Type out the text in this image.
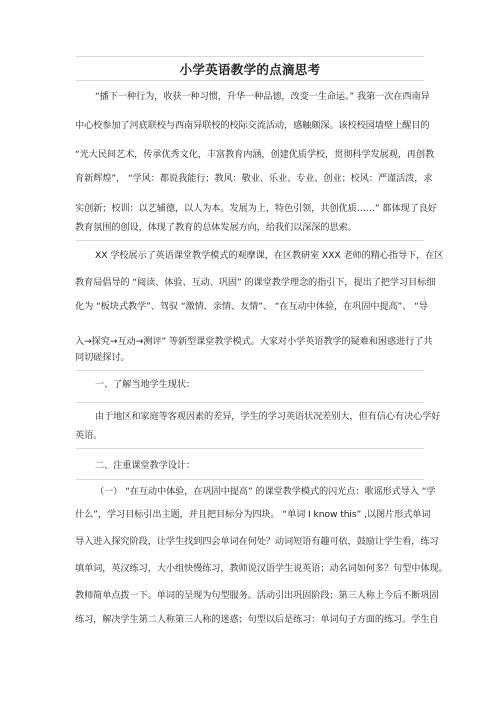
小学英语教学的点滴思考
“播下一种行为，收获一种习惯，升华一种品德，改变一生命运。” 我第一次在西南异
中心校参加了河底联校与西南异联校的校际交流活动，感触颇深。该校校园墙壁上醒目的
“光大民间艺术，传承优秀文化，丰富教育内涵，创建优质学校，贯彻科学发展观，再创教
育新辉煌”， “学风：都说我能行；教风：敬业、乐业、专业、创业；校风：严谨活泼，求
实创新；校训：以艺辅德，以人为本。发展为上，特色引领，共创优质……” 都体现了良好
教育氛围的创设，体现了教育的总体发展方向，给我们以深深的思索。
XX 学校展示了英语课堂教学模式的观摩课，在区教研室 XXX 老师的精心指导下，在区
教育局倡导的 “阅读、体验、互动、巩固” 的课堂教学理念的指引下，提出了把学习目标细
化为 “板块式教学”、驾驭 “激情、亲情、友情”、 “在互动中体验，在巩固中提高”、 “导
入→探究→互动→测评” 等新型课堂教学模式。大家对小学英语教学的疑难和困惑进行了共
同切磋探讨。
一、了解当地学生现状：
由于地区和家庭等客观因素的差异，学生的学习英语状况差别大，但有信心有决心学好
英语。
二、注重课堂教学设计：
（一） “在互动中体验，在巩固中提高” 的课堂教学模式的闪光点：歌谣形式导入 “学
什么”，学习目标引出主题，并且把目标分为四块。 “单词 I know this” ,以图片形式单词
导入进入探究阶段，让学生找到四会单词在何处？动词短语有趣可依，鼓励让学生看，练习
填单词，英汉练习，大小组快慢练习，教师说汉语学生说英语；动名词如何多？句型中体现。
教师简单点拨一下。单词的呈现为句型服务。活动引出巩固阶段；第三人称上今后不断巩固
练习，解决学生第二人称第三人称的迷惑；句型以后是练习：单词句子方面的练习。学生自
